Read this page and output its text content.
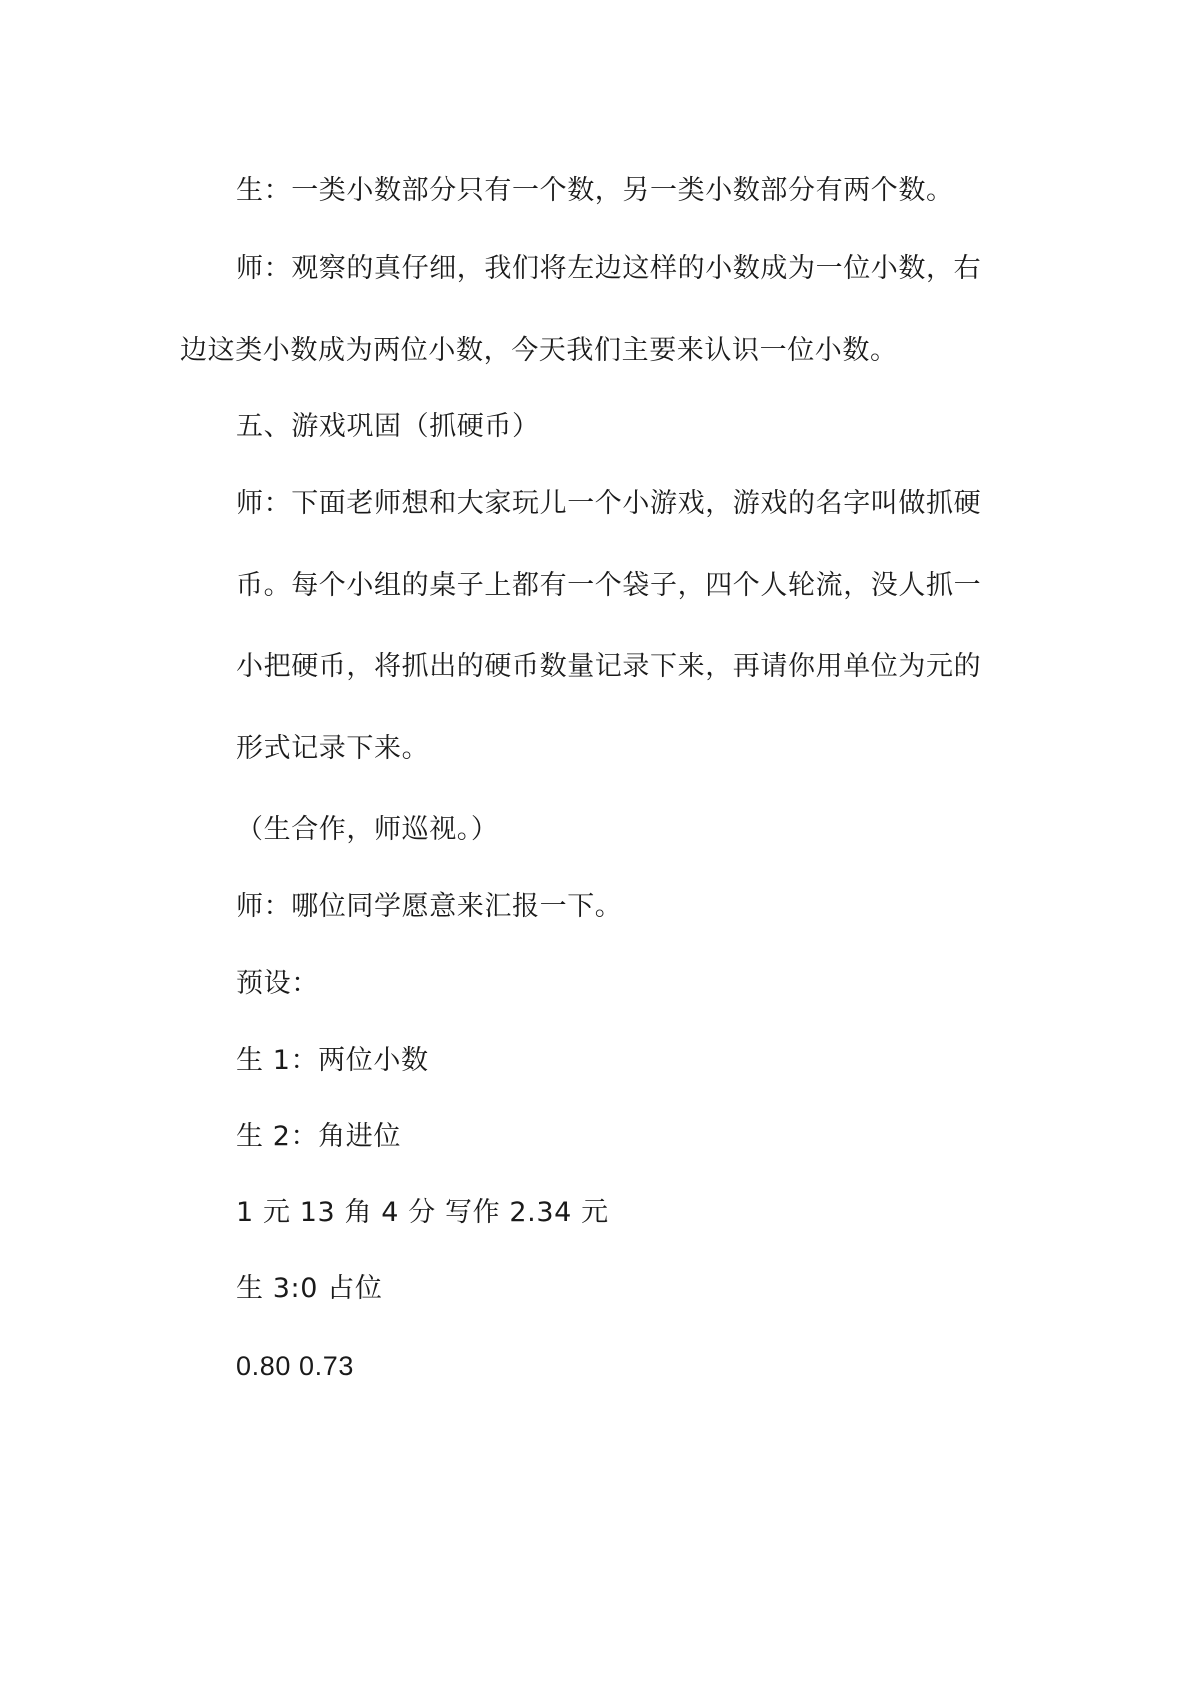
生：一类小数部分只有一个数，另一类小数部分有两个数。
师：观察的真仔细，我们将左边这样的小数成为一位小数，右
边这类小数成为两位小数，今天我们主要来认识一位小数。
五、游戏巩固（抓硬币）
师：下面老师想和大家玩儿一个小游戏，游戏的名字叫做抓硬
币。每个小组的桌子上都有一个袋子，四个人轮流，没人抓一
小把硬币，将抓出的硬币数量记录下来，再请你用单位为元的
形式记录下来。
（生合作，师巡视。）
师：哪位同学愿意来汇报一下。
预设：
生 1：两位小数
生 2：角进位
1 元 13 角 4 分 写作 2.34 元
生 3:0 占位
0.80 0.73
